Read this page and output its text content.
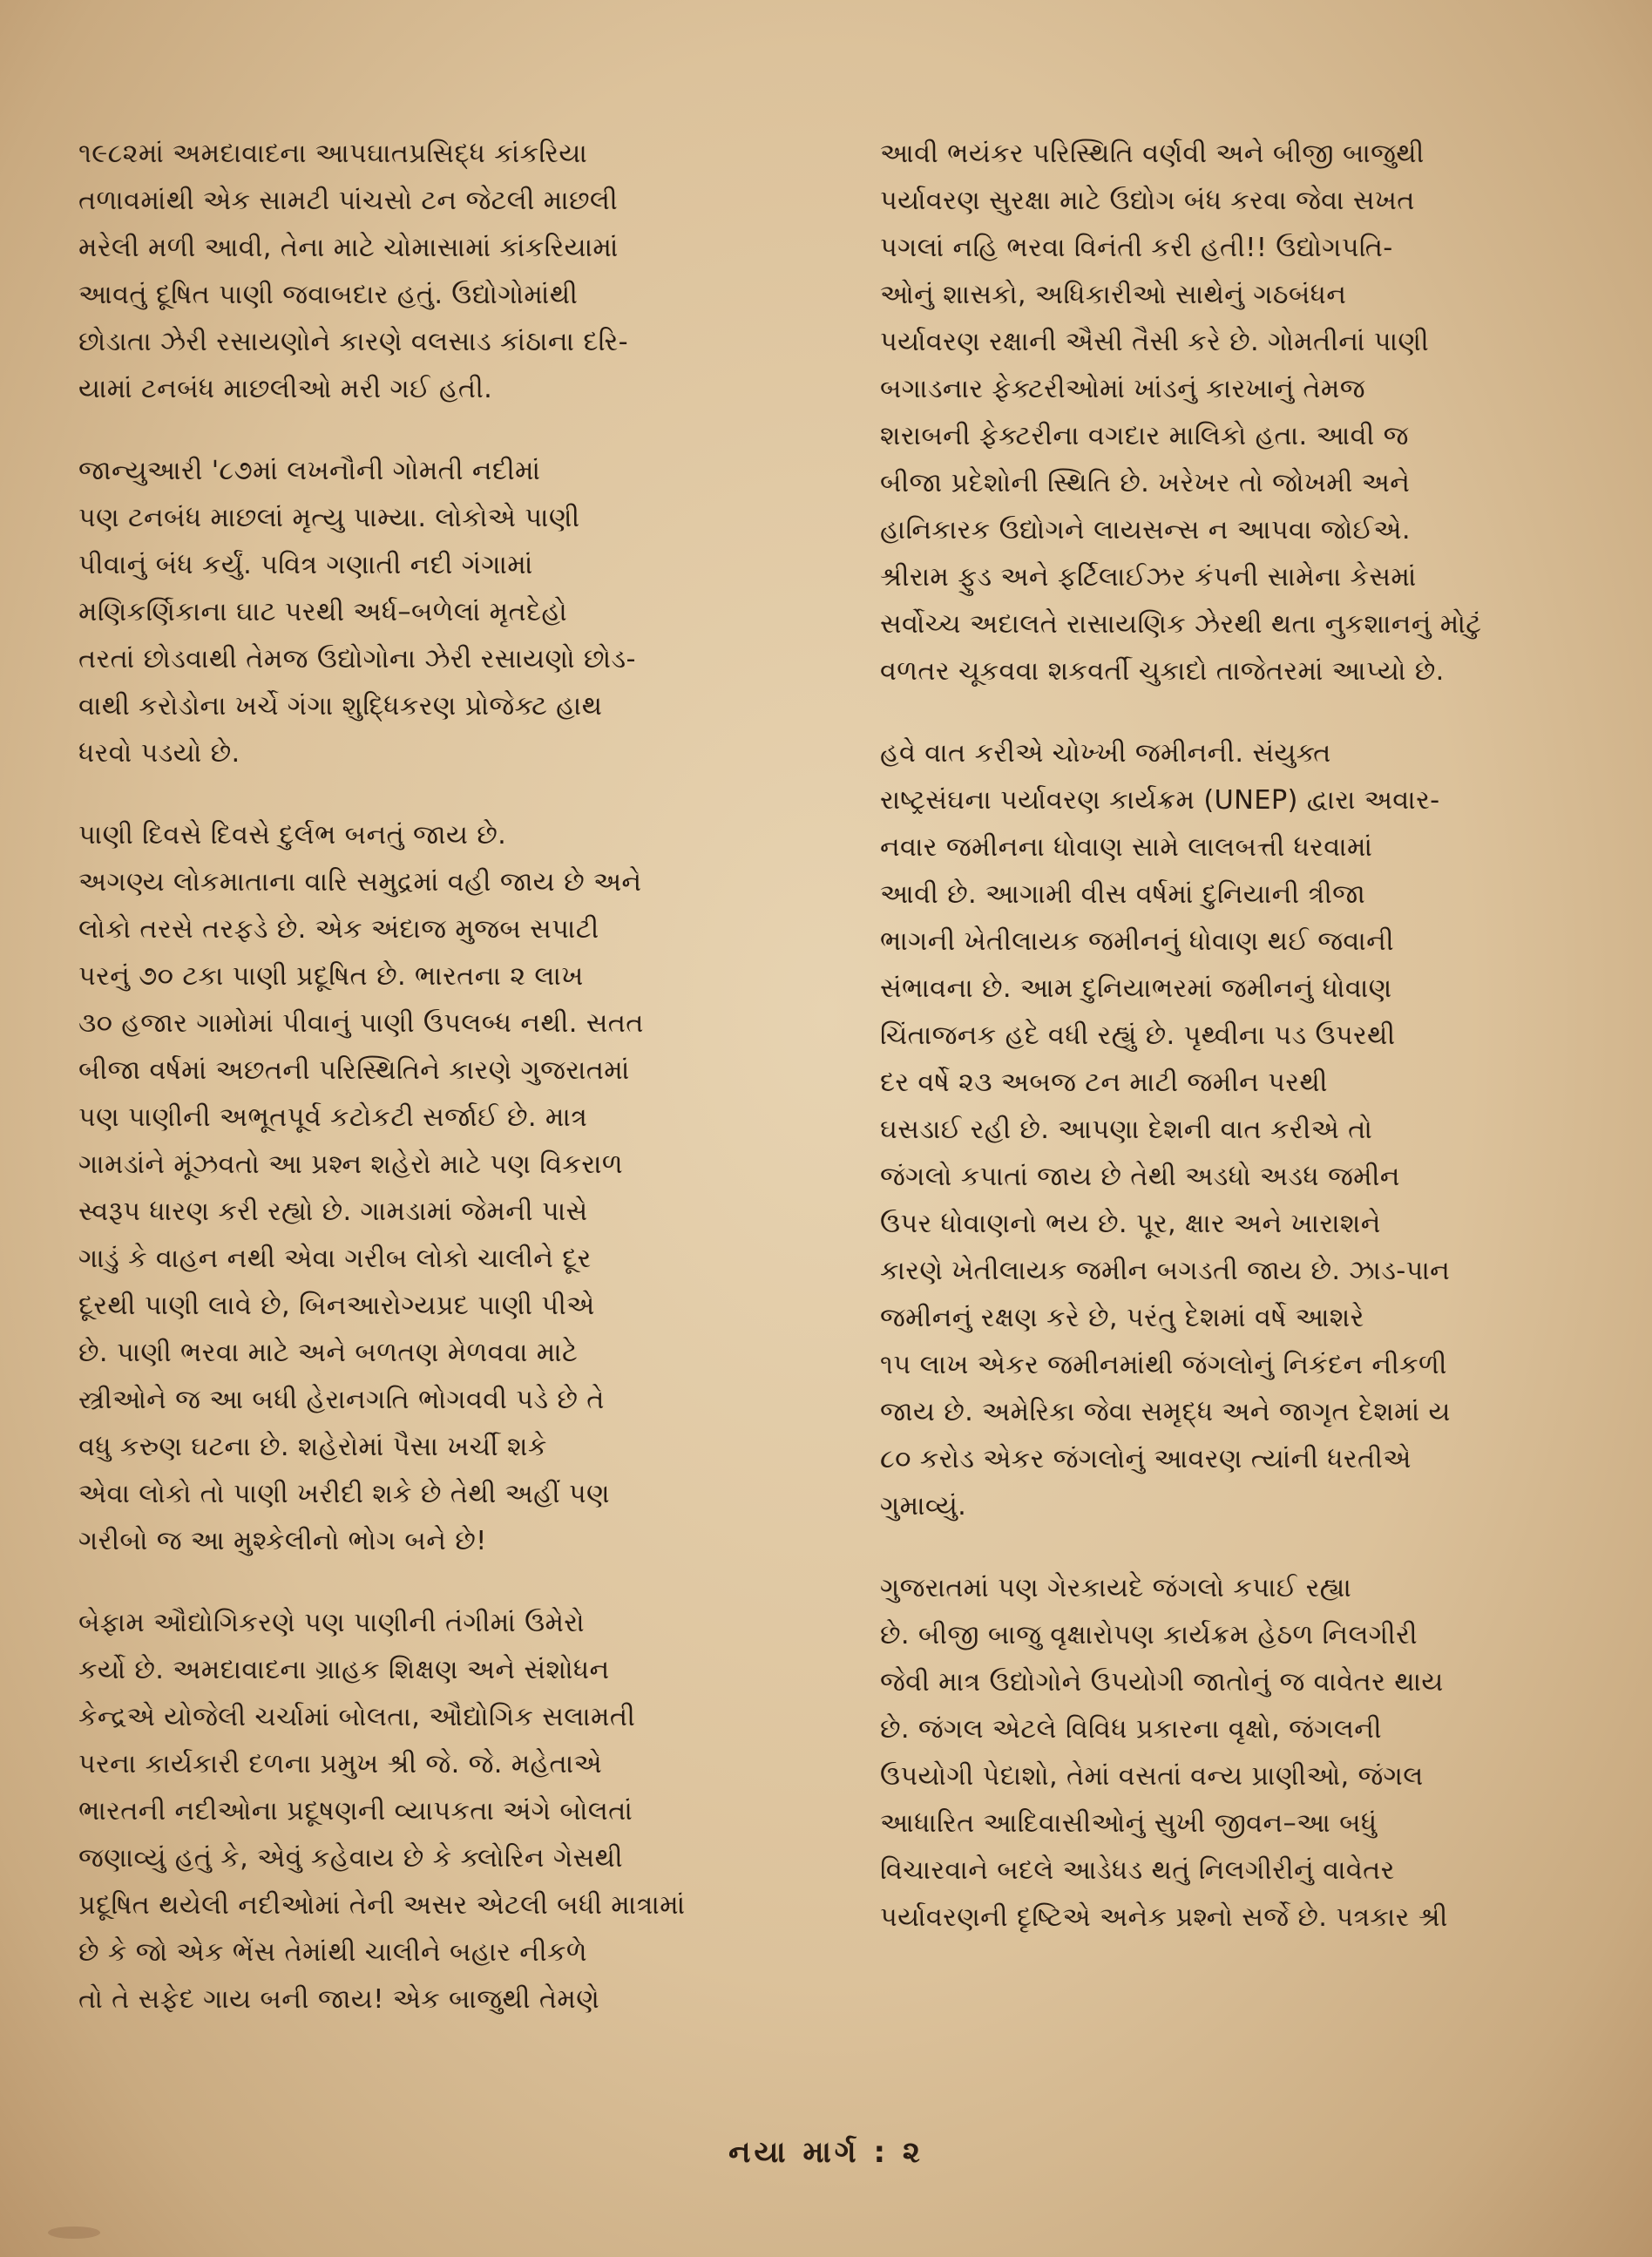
૧૯૮૨માં અમદાવાદના આપઘાતપ્રસિદ્ધ કાંકરિયા
તળાવમાંથી એક સામટી પાંચસો ટન જેટલી માછલી
મરેલી મળી આવી, તેના માટે ચોમાસામાં કાંકરિયામાં
આવતું દૂષિત પાણી જવાબદાર હતું. ઉદ્યોગોમાંથી
છોડાતા ઝેરી રસાયણોને કારણે વલસાડ કાંઠાના દરિ-
યામાં ટનબંધ માછલીઓ મરી ગઈ હતી.

જાન્યુઆરી '૮૭માં લખનૌની ગોમતી નદીમાં
પણ ટનબંધ માછલાં મૃત્યુ પામ્યા. લોકોએ પાણી
પીવાનું બંધ કર્યું. પવિત્ર ગણાતી નદી ગંગામાં
મણિકર્ણિકાના ઘાટ પરથી અર્ધ–બળેલાં મૃતદેહો
તરતાં છોડવાથી તેમજ ઉદ્યોગોના ઝેરી રસાયણો છોડ-
વાથી કરોડોના ખર્ચે ગંગા શુદ્ધિકરણ પ્રોજેક્ટ હાથ
ધરવો પડયો છે.

પાણી દિવસે દિવસે દુર્લભ બનતું જાય છે.
અગણ્ય લોકમાતાના વારિ સમુદ્રમાં વહી જાય છે અને
લોકો તરસે તરફડે છે. એક અંદાજ મુજબ સપાટી
પરનું ૭૦ ટકા પાણી પ્રદૂષિત છે. ભારતના ૨ લાખ
૩૦ હજાર ગામોમાં પીવાનું પાણી ઉપલબ્ધ નથી. સતત
બીજા વર્ષમાં અછતની પરિસ્થિતિને કારણે ગુજરાતમાં
પણ પાણીની અભૂતપૂર્વ કટોકટી સર્જાઈ છે. માત્ર
ગામડાંને મૂંઝવતો આ પ્રશ્ન શહેરો માટે પણ વિકરાળ
સ્વરૂપ ધારણ કરી રહ્યો છે. ગામડામાં જેમની પાસે
ગાડું કે વાહન નથી એવા ગરીબ લોકો ચાલીને દૂર
દૂરથી પાણી લાવે છે, બિનઆરોગ્યપ્રદ પાણી પીએ
છે. પાણી ભરવા માટે અને બળતણ મેળવવા માટે
સ્ત્રીઓને જ આ બધી હેરાનગતિ ભોગવવી પડે છે તે
વધુ કરુણ ઘટના છે. શહેરોમાં પૈસા ખર્ચી શકે
એવા લોકો તો પાણી ખરીદી શકે છે તેથી અહીં પણ
ગરીબો જ આ મુશ્કેલીનો ભોગ બને છે!

બેફામ ઔદ્યોગિકરણે પણ પાણીની તંગીમાં ઉમેરો
કર્યો છે. અમદાવાદના ગ્રાહક શિક્ષણ અને સંશોધન
કેન્દ્રએ યોજેલી ચર્ચામાં બોલતા, ઔદ્યોગિક સલામતી
પરના કાર્યકારી દળના પ્રમુખ શ્રી જે. જે. મહેતાએ
ભારતની નદીઓના પ્રદૂષણની વ્યાપકતા અંગે બોલતાં
જણાવ્યું હતું કે, એવું કહેવાય છે કે ક્લોરિન ગેસથી
પ્રદૂષિત થયેલી નદીઓમાં તેની અસર એટલી બધી માત્રામાં
છે કે જો એક ભેંસ તેમાંથી ચાલીને બહાર નીકળે
તો તે સફેદ ગાય બની જાય! એક બાજુથી તેમણે

આવી ભયંકર પરિસ્થિતિ વર્ણવી અને બીજી બાજુથી
પર્યાવરણ સુરક્ષા માટે ઉદ્યોગ બંધ કરવા જેવા સખત
પગલાં નહિ ભરવા વિનંતી કરી હતી!! ઉદ્યોગપતિ-
ઓનું શાસકો, અધિકારીઓ સાથેનું ગઠબંધન
પર્યાવરણ રક્ષાની ઐસી તૈસી કરે છે. ગોમતીનાં પાણી
બગાડનાર ફેક્ટરીઓમાં ખાંડનું કારખાનું તેમજ
શરાબની ફેક્ટરીના વગદાર માલિકો હતા. આવી જ
બીજા પ્રદેશોની સ્થિતિ છે. ખરેખર તો જોખમી અને
હાનિકારક ઉદ્યોગને લાયસન્સ ન આપવા જોઈએ.
શ્રીરામ ફુડ અને ફર્ટિલાઈઝર કંપની સામેના કેસમાં
સર્વોચ્ચ અદાલતે રાસાયણિક ઝેરથી થતા નુકશાનનું મોટું
વળતર ચૂકવવા શકવર્તી ચુકાદો તાજેતરમાં આપ્યો છે.

હવે વાત કરીએ ચોખ્ખી જમીનની. સંયુક્ત
રાષ્ટ્રસંઘના પર્યાવરણ કાર્યક્રમ (UNEP) દ્વારા અવાર-
નવાર જમીનના ધોવાણ સામે લાલબત્તી ધરવામાં
આવી છે. આગામી વીસ વર્ષમાં દુનિયાની ત્રીજા
ભાગની ખેતીલાયક જમીનનું ધોવાણ થઈ જવાની
સંભાવના છે. આમ દુનિયાભરમાં જમીનનું ધોવાણ
ચિંતાજનક હદે વધી રહ્યું છે. પૃથ્વીના પડ ઉપરથી
દર વર્ષે ૨૩ અબજ ટન માટી જમીન પરથી
ઘસડાઈ રહી છે. આપણા દેશની વાત કરીએ તો
જંગલો કપાતાં જાય છે તેથી અડધો અડધ જમીન
ઉપર ધોવાણનો ભય છે. પૂર, ક્ષાર અને ખારાશને
કારણે ખેતીલાયક જમીન બગડતી જાય છે. ઝાડ-પાન
જમીનનું રક્ષણ કરે છે, પરંતુ દેશમાં વર્ષે આશરે
૧૫ લાખ એકર જમીનમાંથી જંગલોનું નિકંદન નીકળી
જાય છે. અમેરિકા જેવા સમૃદ્ધ અને જાગૃત દેશમાં ય
૮૦ કરોડ એકર જંગલોનું આવરણ ત્યાંની ધરતીએ
ગુમાવ્યું.

ગુજરાતમાં પણ ગેરકાયદે જંગલો કપાઈ રહ્યા
છે. બીજી બાજુ વૃક્ષારોપણ કાર્યક્રમ હેઠળ નિલગીરી
જેવી માત્ર ઉદ્યોગોને ઉપયોગી જાતોનું જ વાવેતર થાય
છે. જંગલ એટલે વિવિધ પ્રકારના વૃક્ષો, જંગલની
ઉપયોગી પેદાશો, તેમાં વસતાં વન્ય પ્રાણીઓ, જંગલ
આધારિત આદિવાસીઓનું સુખી જીવન–આ બધું
વિચારવાને બદલે આડેધડ થતું નિલગીરીનું વાવેતર
પર્યાવરણની દૃષ્ટિએ અનેક પ્રશ્નો સર્જે છે. પત્રકાર શ્રી

નયા માર્ગ : ૨
